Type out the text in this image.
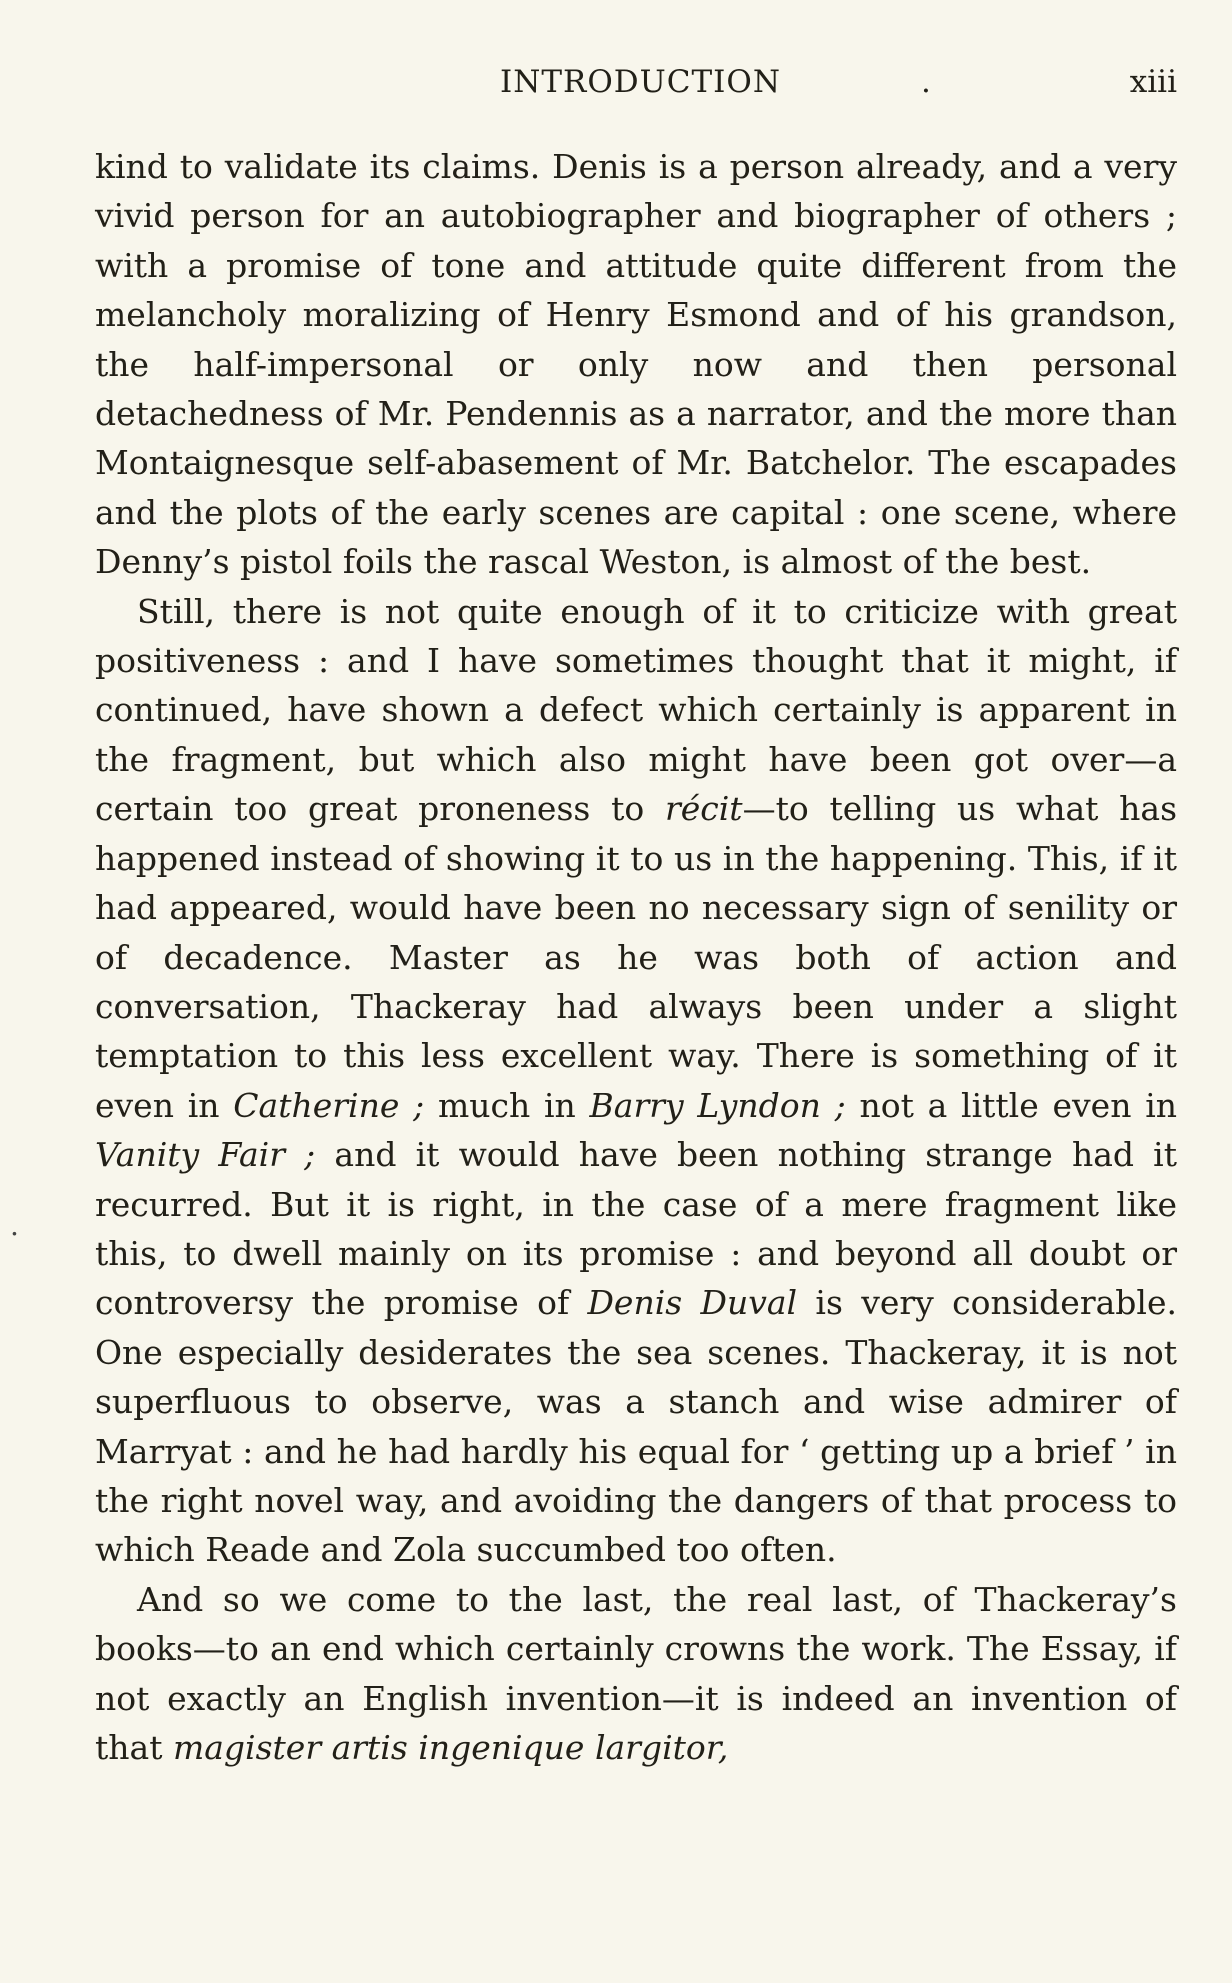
INTRODUCTION	.	xiii
.

kind to validate its claims. Denis is a person already, and a very vivid person for an autobiographer and biographer of others ; with a promise of tone and attitude quite different from the melancholy moralizing of Henry Esmond and of his grandson, the half-impersonal or only now and then personal detachedness of Mr. Pendennis as a narrator, and the more than Montaignesque self-abasement of Mr. Batchelor. The escapades and the plots of the early scenes are capital : one scene, where Denny’s pistol foils the rascal Weston, is almost of the best.

Still, there is not quite enough of it to criticize with great positiveness : and I have sometimes thought that it might, if continued, have shown a defect which certainly is apparent in the fragment, but which also might have been got over—a certain too great proneness to récit—to telling us what has happened instead of showing it to us in the happening. This, if it had appeared, would have been no necessary sign of senility or of decadence. Master as he was both of action and conversation, Thackeray had always been under a slight temptation to this less excellent way. There is something of it even in Catherine ; much in Barry Lyndon ; not a little even in Vanity Fair ; and it would have been nothing strange had it recurred. But it is right, in the case of a mere fragment like this, to dwell mainly on its promise : and beyond all doubt or controversy the promise of Denis Duval is very considerable. One especially desiderates the sea scenes. Thackeray, it is not superfluous to observe, was a stanch and wise admirer of Marryat : and he had hardly his equal for ‘ getting up a brief ’ in the right novel way, and avoiding the dangers of that process to which Reade and Zola succumbed too often.

And so we come to the last, the real last, of Thackeray’s books—to an end which certainly crowns the work. The Essay, if not exactly an English invention—it is indeed an invention of that magister artis ingenique largitor,
